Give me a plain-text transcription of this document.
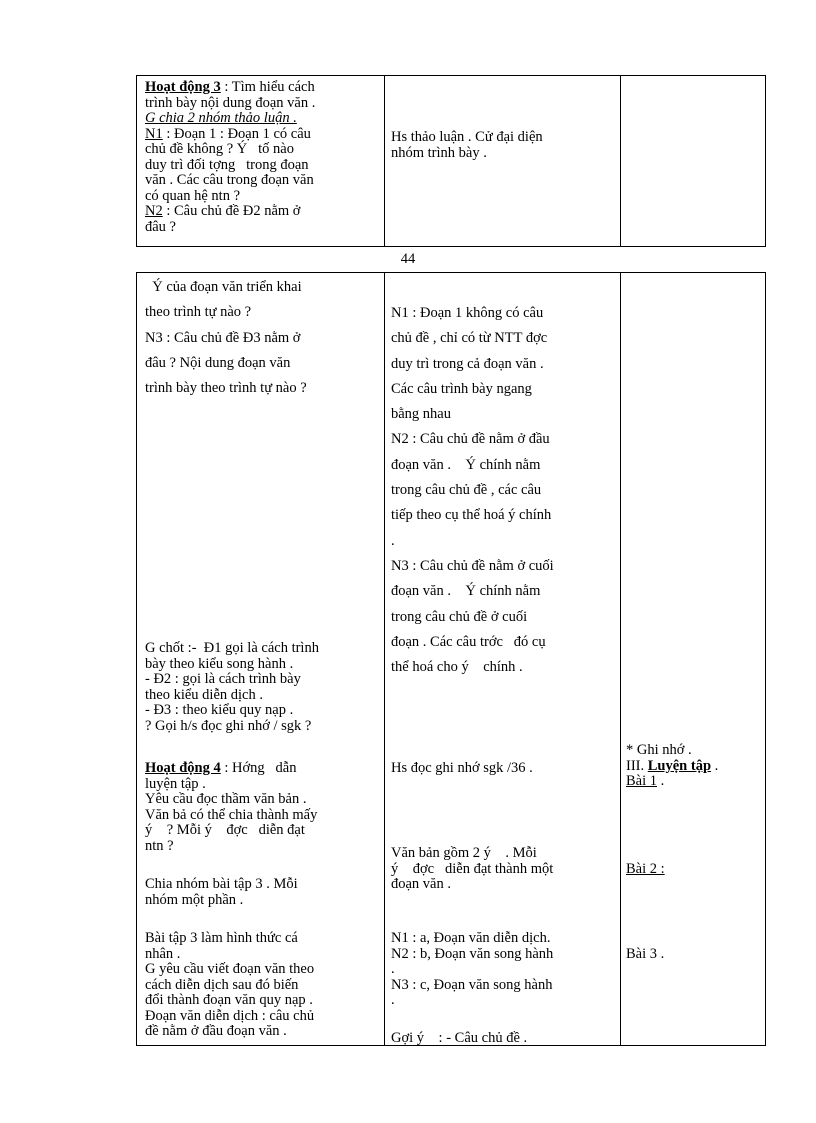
Hoạt động 3 : Tìm hiểu cách
trình bày nội dung đoạn văn .
G chia 2 nhóm thảo luận .
N1 : Đoạn 1 : Đoạn 1 có câu
chủ đề không ? Ý   tố nào
duy trì đối tợng   trong đoạn
văn . Các câu trong đoạn văn
có quan hệ ntn ?
N2 : Câu chủ đề Đ2 nằm ở
đâu ?
Hs thảo luận . Cử đại diện
nhóm trình bày .
44
Ý của đoạn văn triển khai
theo trình tự nào ?
N3 : Câu chủ đề Đ3 nằm ở
đâu ? Nội dung đoạn văn
trình bày theo trình tự nào ?
G chốt :-  Đ1 gọi là cách trình
bày theo kiểu song hành .
- Đ2 : gọi là cách trình bày
theo kiểu diễn dịch .
- Đ3 : theo kiểu quy nạp .
? Gọi h/s đọc ghi nhớ / sgk ?
Hoạt động 4 : Hớng   dẫn
luyện tập .
Yêu cầu đọc thầm văn bản .
Văn bả có thể chia thành mấy
ý    ? Mỗi ý    đợc   diễn đạt
ntn ?
Chia nhóm bài tập 3 . Mỗi
nhóm một phần .
Bài tập 3 làm hình thức cá
nhân .
G yêu cầu viết đoạn văn theo
cách diễn dịch sau đó biến
đổi thành đoạn văn quy nạp .
Đoạn văn diễn dịch : câu chủ
đề nằm ở đầu đoạn văn .
N1 : Đoạn 1 không có câu
chủ đề , chỉ có từ NTT đợc
duy trì trong cả đoạn văn .
Các câu trình bày ngang
bằng nhau
N2 : Câu chủ đề nằm ở đầu
đoạn văn .    Ý chính nằm
trong câu chủ đề , các câu
tiếp theo cụ thể hoá ý chính
.
N3 : Câu chủ đề nằm ở cuối
đoạn văn .    Ý chính nằm
trong câu chủ đề ở cuối
đoạn . Các câu trớc   đó cụ
thể hoá cho ý    chính .
Hs đọc ghi nhớ sgk /36 .
Văn bản gồm 2 ý    . Mỗi
ý    đợc   diễn đạt thành một
đoạn văn .
N1 : a, Đoạn văn diễn dịch.
N2 : b, Đoạn văn song hành
.
N3 : c, Đoạn văn song hành
.
Gợi ý    : - Câu chủ đề .
* Ghi nhớ .
III. Luyện tập .
Bài 1 .
Bài 2 :
Bài 3 .
